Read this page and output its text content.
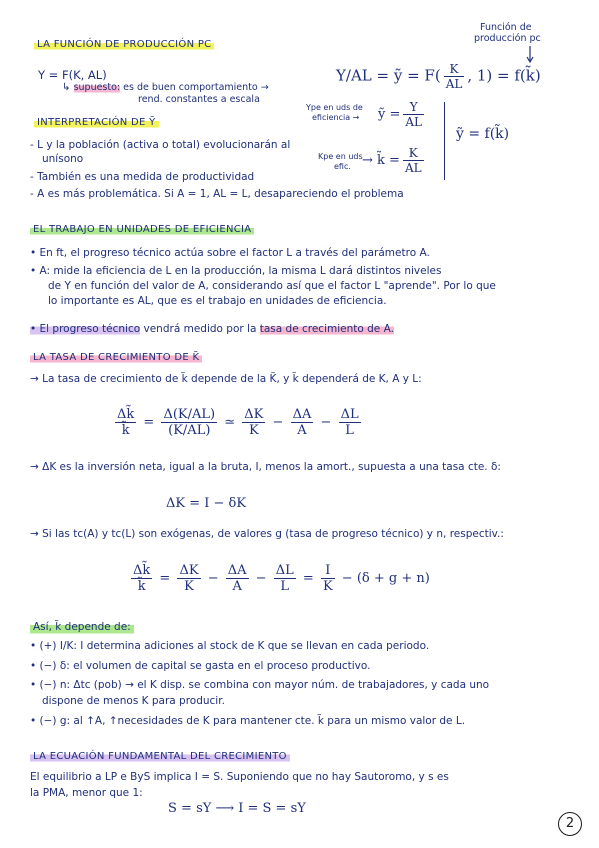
LA FUNCIÓN DE PRODUCCIÓN PC
Función de
producción pc
Y = F(K, AL)
↳ supuesto: es de buen comportamiento →
rend. constantes a escala
Y/AL = ỹ = $F( \frac{K}{AL}$ , 1) = f(k̃)
INTERPRETACIÓN DE Ỹ
Ype en uds de
eficiencia → ỹ = $\frac{Y}{AL}$
Kpe en uds
efic. → k̃ = $\frac{K}{AL}$
ỹ = f(k̃)
- L y la población (activa o total) evolucionarán al
unísono
- También es una medida de productividad
- A es más problemática. Si A = 1, AL = L, desapareciendo el problema
EL TRABAJO EN UNIDADES DE EFICIENCIA
• En ft, el progreso técnico actúa sobre el factor L a través del parámetro A.
• A: mide la eficiencia de L en la producción, la misma L dará distintos niveles
de Y en función del valor de A, considerando así que el factor L "aprende". Por lo que
lo importante es AL, que es el trabajo en unidades de eficiencia.
• El progreso técnico vendrá medido por la tasa de crecimiento de A.
LA TASA DE CRECIMIENTO DE K̃
→ La tasa de crecimiento de k̃ depende de la K̃, y k̃ dependerá de K, A y L:
$\frac{\Delta k̃}{k̃} = \frac{\Delta(K/AL)}{(K/AL)}$ ≃ $\frac{\Delta K}{K} - \frac{\Delta A}{A} - \frac{\Delta L}{L}$
→ ΔK es la inversión neta, igual a la bruta, I, menos la amort., supuesta a una tasa cte. δ:
ΔK = I − δK
→ Si las tc(A) y tc(L) son exógenas, de valores g (tasa de progreso técnico) y n, respectiv.:
$\frac{\Delta k̃}{k̃} = \frac{\Delta K}{K} - \frac{\Delta A}{A} - \frac{\Delta L}{L} = \frac{I}{K} - (\delta + g + n)$
Así, k̃ depende de:
• (+) I/K: I determina adiciones al stock de K que se llevan en cada periodo.
• (−) δ: el volumen de capital se gasta en el proceso productivo.
• (−) n: Δtc (pob) → el K disp. se combina con mayor núm. de trabajadores, y cada uno
dispone de menos K para producir.
• (−) g: al ↑A, ↑necesidades de K para mantener cte. k̃ para un mismo valor de L.
LA ECUACIÓN FUNDAMENTAL DEL CRECIMIENTO
El equilibrio a LP e ByS implica I = S. Suponiendo que no hay Sautoromo, y s es
la PMA, menor que 1:
S = sY ⟶ I = S = sY
2
